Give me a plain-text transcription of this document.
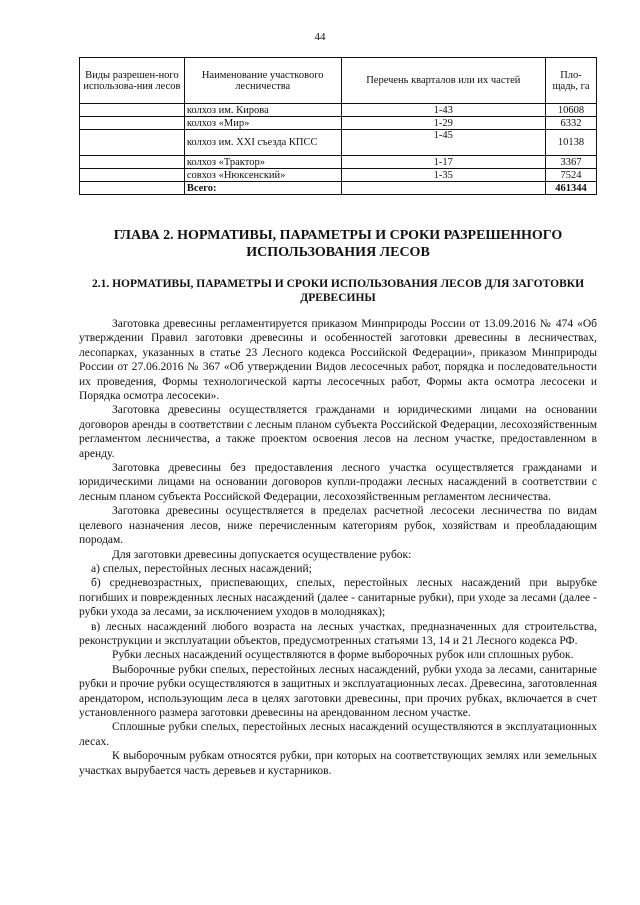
44
Виды разрешен-ного использова-ния лесов	Наименование участкового лесничества	Перечень кварталов или их частей	Пло-щадь, га
	колхоз им. Кирова	1-43	10608
	колхоз «Мир»	1-29	6332
	колхоз им. XXI съезда КПСС	1-45	10138
	колхоз «Трактор»	1-17	3367
	совхоз «Нюксенский»	1-35	7524
	Всего:		461344
ГЛАВА 2. НОРМАТИВЫ, ПАРАМЕТРЫ И СРОКИ РАЗРЕШЕННОГО ИСПОЛЬЗОВАНИЯ ЛЕСОВ
2.1. НОРМАТИВЫ, ПАРАМЕТРЫ И СРОКИ ИСПОЛЬЗОВАНИЯ ЛЕСОВ ДЛЯ ЗАГОТОВКИ ДРЕВЕСИНЫ

Заготовка древесины регламентируется приказом Минприроды России от 13.09.2016 № 474 «Об утверждении Правил заготовки древесины и особенностей заготовки древесины в лесничествах, лесопарках, указанных в статье 23 Лесного кодекса Российской Федерации», приказом Минприроды России от 27.06.2016 № 367 «Об утверждении Видов лесосечных работ, порядка и последовательности их проведения, Формы технологической карты лесосечных работ, Формы акта осмотра лесосеки и Порядка осмотра лесосеки».

Заготовка древесины осуществляется гражданами и юридическими лицами на основании договоров аренды в соответствии с лесным планом субъекта Российской Федерации, лесохозяйственным регламентом лесничества, а также проектом освоения лесов на лесном участке, предоставленном в аренду.

Заготовка древесины без предоставления лесного участка осуществляется гражданами и юридическими лицами на основании договоров купли-продажи лесных насаждений в соответствии с лесным планом субъекта Российской Федерации, лесохозяйственным регламентом лесничества.

Заготовка древесины осуществляется в пределах расчетной лесосеки лесничества по видам целевого назначения лесов, ниже перечисленным категориям рубок, хозяйствам и преобладающим породам.

Для заготовки древесины допускается осуществление рубок:

а) спелых, перестойных лесных насаждений;

б) средневозрастных, приспевающих, спелых, перестойных лесных насаждений при вырубке погибших и поврежденных лесных насаждений (далее - санитарные рубки), при уходе за лесами (далее - рубки ухода за лесами, за исключением уходов в молодняках);

в) лесных насаждений любого возраста на лесных участках, предназначенных для строительства, реконструкции и эксплуатации объектов, предусмотренных статьями 13, 14 и 21 Лесного кодекса РФ.

Рубки лесных насаждений осуществляются в форме выборочных рубок или сплошных рубок.

Выборочные рубки спелых, перестойных лесных насаждений, рубки ухода за лесами, санитарные рубки и прочие рубки осуществляются в защитных и эксплуатационных лесах. Древесина, заготовленная арендатором, использующим леса в целях заготовки древесины, при прочих рубках, включается в счет установленного размера заготовки древесины на арендованном лесном участке.

Сплошные рубки спелых, перестойных лесных насаждений осуществляются в эксплуатационных лесах.

К выборочным рубкам относятся рубки, при которых на соответствующих землях или земельных участках вырубается часть деревьев и кустарников.
